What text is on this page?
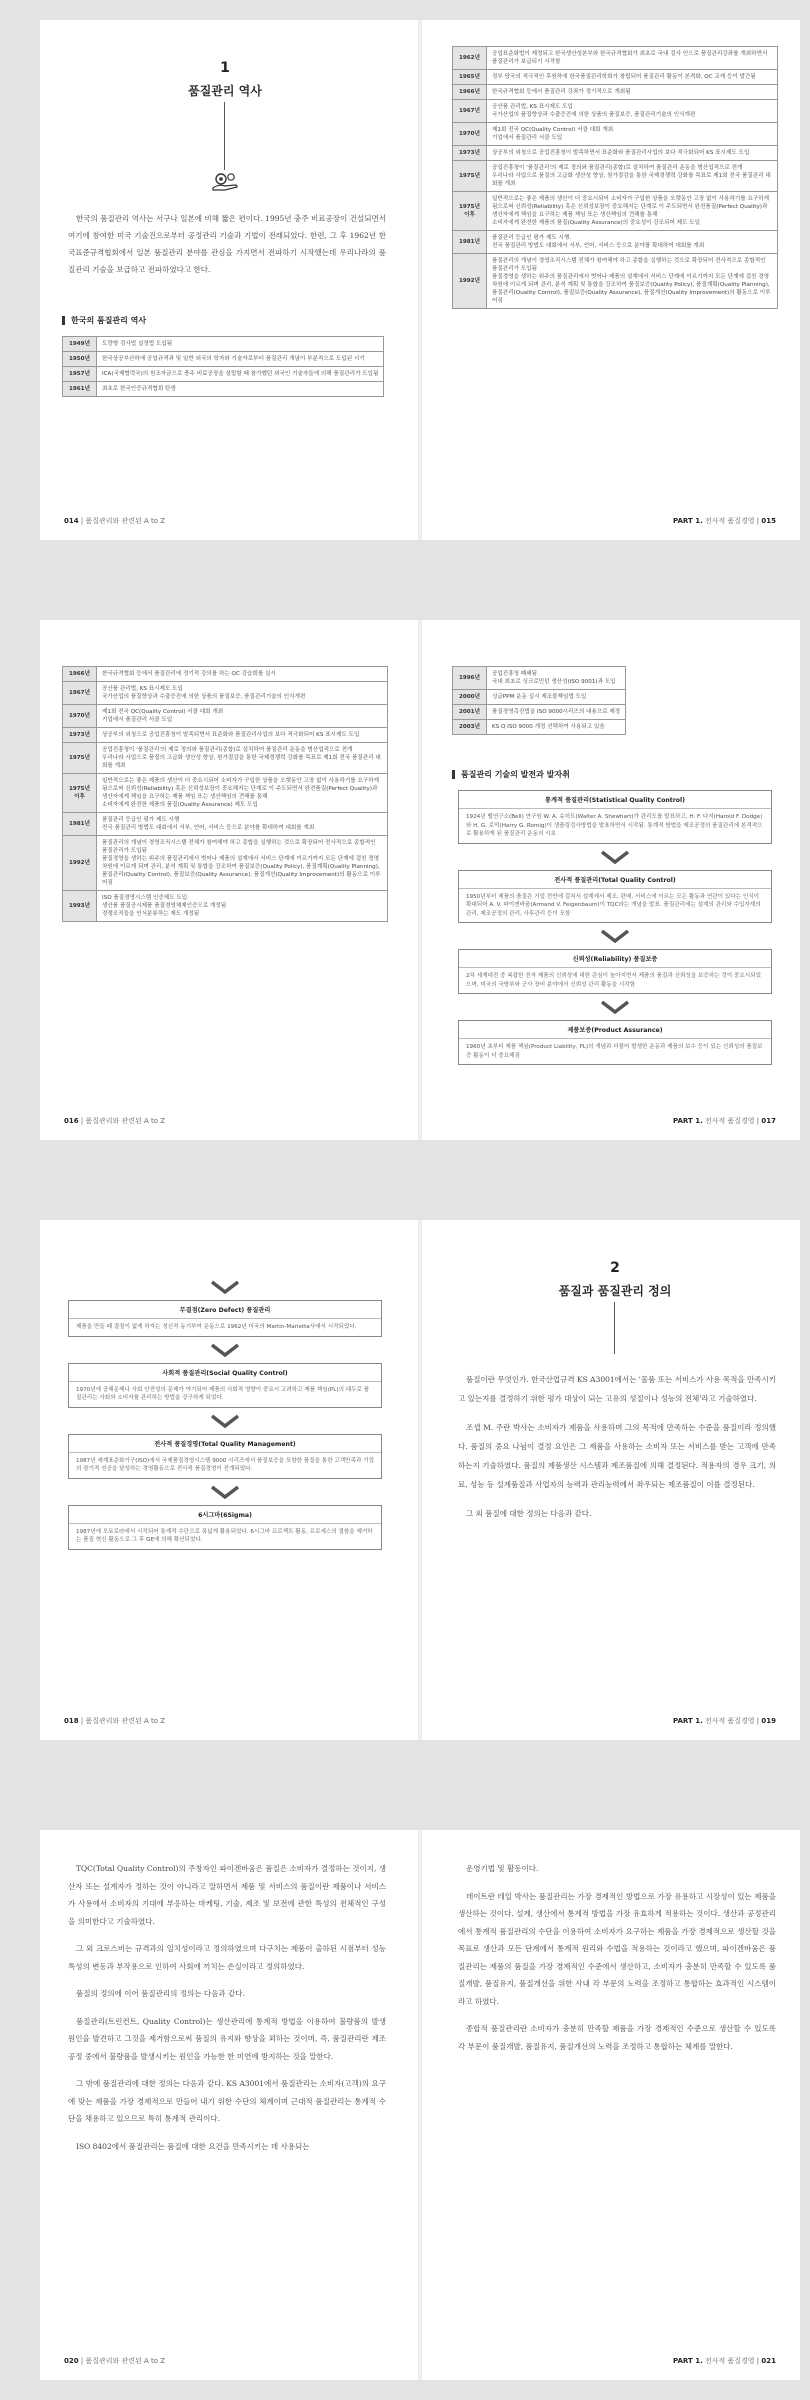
1
품질관리 역사

한국의 품질관리 역사는 서구나 일본에 비해 짧은 편이다. 1995년 충주 비료공장이 건설되면서 여기에 참여한 미국 기술진으로부터 공정관리 기술과 기법이 전래되었다. 한편, 그 후 1962년 한국표준규격협회에서 일본 품질관리 분야를 관심을 가지면서 전파하기 시작했는데 우리나라의 품질관리 기술을 보급하고 전파하였다고 한다.

한국의 품질관리 역사
1949년	도량형 검사법 설정법 도입됨
1950년	한국상공부산하에 공업규격과 및 일반 외국의 학자와 기술자로부터 품질관리 개념이 부분적으로 도입된 시기
1957년	ICA(국제협력국)의 원조자금으로 충주 비료공장을 설립할 때 참가했던 외국인 기술자들에 의해 품질관리가 도입됨
1961년	최초로 한국인증규격협회 탄생
014 | 품질관리와 관련된 A to Z
1962년	공업표준화법이 제정되고 한국생산성본부와 한국규격협회가 최초로 국내 검사 인으로 품질관리강좌를 개최하면서 품질관리가 보급되기 시작함
1965년	정부 당국의 적극적인 후원하에 한국품질관리학회가 창립되어 품질관리 활동이 본격화, QC 교재 등이 발간됨
1966년	한국규격협회 등에서 품질관리 강좌가 정기적으로 개최됨
1967년	공산품 관리법, KS 표시제도 도입
국가산업의 품질향상과 수출증진에 의한 상품의 품질보증, 품질관리기술의 인식개편
1970년	제1회 전국 QC(Quality Control) 서클 대회 개최
기업에서 품질관리 서클 도입
1973년	상공부의 외청으로 공업진흥청이 발족하면서 표준화와 품질관리사업의 보다 적극화되어 KS 표시제도 도입
1975년	공업진흥청이 '품질관리'의 제로 정의와 품질관리(종합)로 설치하여 품질관리 운동을 범산업적으로 전개
우리나라 사업으로 품질의 고급화 생산성 향상, 원가절감을 통한 국제경쟁력 강화를 목표로 제1회 전국 품질관리 대회를 개최
1975년 이후	일반적으로는 좋은 제품의 생산이 더 중요시되어 소비자가 구입한 상품을 오랫동안 고장 없이 사용하기를 요구하게 됨으로써 신뢰성(Reliability) 혹은 신뢰성보장이 중요해지는 단계로 이 주도되면서 완전품질(Perfect Quality)과 생산자에게 책임을 요구하는 제품 책임 또는 생산책임의 견해를 통해
소비자에게 완전한 제품의 품질(Quality Assurance)의 중요성이 강조되어 제도 도입
1981년	품질관리 등급인 평가 제도 시행.
전국 품질관리 방법도 대회에서 서부, 언어, 서비스 등으로 분야를 확대하여 대회를 개최
1992년	품질관리의 개념이 경영조직시스템 전체가 참여해야 하고 종합을 실행하는 것으로 확장되어 전사적으로 종합적인 품질관리가 도입됨
품질경영을 생하는 위주의 품질관리에서 벗어나 제품의 설계에서 서비스 단계에 이르기까지 모든 단계에 걸친 경영 차원에 이르게 되며 관리, 분석 계획 및 통합을 강조하여 품질보증(Quality Policy), 품질계획(Quality Planning), 품질관리(Quality Control), 품질보증(Quality Assurance), 품질개선(Quality Improvement)의 활동으로 이루어짐
PART 1. 전사적 품질경영 | 015
1966년	한국규격협회 등에서 품질관리에 정기적 강의를 하는 QC 강습회를 실시
1967년	공산품 관리법, KS 표시제도 도입
국가산업의 품질향상과 수출증진에 의한 상품의 품질보증, 품질관리기술의 인식개편
1970년	제1회 전국 QC(Quality Control) 서클 대회 개최
기업에서 품질관리 서클 도입
1973년	상공부의 외청으로 공업진흥청이 발족되면서 표준화와 품질관리사업의 보다 적극화되어 KS 표시제도 도입
1975년	공업진흥청이 '품질관리'의 제로 정의와 품질관리(종합)로 설치하여 품질관리 운동을 범산업적으로 전개
우리나라 사업으로 품질의 고급화 생산성 향상, 원가절감을 통한 국제경쟁력 강화를 목표로 제1회 전국 품질관리 대회를 개최
1975년 이후	일반적으로는 좋은 제품의 생산이 더 중요시되어 소비자가 구입한 상품을 오랫동안 고장 없이 사용하기를 요구하게 됨으로써 신뢰성(Reliability) 혹은 신뢰성보장이 중요해지는 단계로 이 주도되면서 완전품질(Perfect Quality)과 생산자에게 책임을 요구하는 제품 책임 또는 생산책임의 견해를 통해
소비자에게 완전한 제품의 품질(Quality Assurance) 제도 도입
1981년	품질관리 등급인 평가 제도 시행
전국 품질관리 방법도 대회에서 서부, 언어, 서비스 등으로 분야를 확대하여 대회를 개최
1992년	품질관리의 개념이 경영조직시스템 전체가 참여해야 하고 종합을 실행하는 것으로 확장되어 전사적으로 종합적인 품질관리가 도입됨
품질경영을 생하는 위주의 품질관리에서 벗어나 제품의 설계에서 서비스 단계에 이르기까지 모든 단계에 걸친 경영 차원에 이르게 되며 관리, 분석 계획 및 통합을 강조하여 품질보증(Quality Policy), 품질계획(Quality Planning), 품질관리(Quality Control), 품질보증(Quality Assurance), 품질개선(Quality Improvement)의 활동으로 이루어짐
1993년	ISO 품질경영시스템 인증제도 도입
생산품 품질공시제품 품질경영체제인증으로 개정됨
경쟁조직들을 인식분류하는 제도 개정됨
016 | 품질관리와 관련된 A to Z
1996년	공업진흥청 폐쇄됨
국내 최초로 싱크로민턴 생산성(ISO 9001)과 도입
2000년	싱글PPM 운동 실시 제조물책임법 도입
2001년	품질경영촉진법을 ISO 9000시리즈의 내용으로 제정
2003년	KS Q ISO 9000 개정 선택하여 사용되고 있음
품질관리 기술의 발전과 발자취
통계적 품질관리(Statistical Quality Control)
1924년 벨연구소(Bell) 연구원 W. A. 슈허트(Walter A. Shewhart)가 관리도를 발표하고, H. F. 다지(Harold F. Dodge)와 H. G. 로믹(Harry G. Romig)이 샘플링검사방법을 발표하면서 시작됨. 통계적 방법을 제조공정의 품질관리에 본격적으로 활용하게 된 품질관리 운동의 시초
전사적 품질관리(Total Quality Control)
1950년부터 제품의 품질은 기업 전반에 걸쳐서 설계에서 제조, 판매, 서비스에 이르는 모든 활동과 연관이 있다는 인식이 확대되어 A. V. 파이겐바움(Armand V. Feigenbaum)이 TQC라는 개념을 발표. 품질관리에는 설계의 관리와 수입자재의 관리, 제조공정의 관리, 사후관리 등이 포함
신뢰성(Reliability) 품질보증
2차 세계대전 중 복잡한 전자 제품의 신뢰성에 대한 관심이 높아지면서 제품의 품질과 신뢰성을 보증하는 것이 중요시되었으며, 미국의 국방부와 군사 장비 분야에서 신뢰성 관리 활동을 시작함
제품보증(Product Assurance)
1960년 초부터 제품 책임(Product Liability, PL)의 개념과 더불어 발생한 운동과 제품의 보수 등이 있는 신뢰성의 품질보증 활동이 더 중요해짐
PART 1. 전사적 품질경영 | 017
무결점(Zero Defect) 품질관리
제품을 만들 때 결점이 없게 하자는 정신적 동기부여 운동으로 1962년 미국의 Martin-Marietta사에서 시작되었다.
사회적 품질관리(Social Quality Control)
1970년에 공해문제나 사회 안전성의 문제가 야기되어 제품의 사회적 영향이 중요시 고려하고 제품 책임(PL)의 대두로 품질관리는 사회와 소비자를 관리하는 방법을 강구하게 되었다.
전사적 품질경영(Total Quality Management)
1987년 세계표준화기구(ISO)에서 국제품질경영시스템 9000 시리즈에서 품질보증을 포함한 품질을 통한 고객만족과 기업의 장기적 성공을 달성하는 경영활동으로 전사적 품질경영이 전개되었다.
6시그마(6Sigma)
1987년에 모토로라에서 시작되어 통계적 수단으로 폭넓게 활용되었다. 6시그마 프로젝트 활동, 프로세스의 결함을 제거하는 품질 혁신 활동으로 그 후 GE에 의해 확산되었다.
018 | 품질관리와 관련된 A to Z
2
품질과 품질관리 정의

품질이란 무엇인가. 한국산업규격 KS A3001에서는 '물품 또는 서비스가 사용 목적을 만족시키고 있는지를 결정하기 위한 평가 대상이 되는 고유의 성질이나 성능의 전체'라고 기술하였다.

조셉 M. 주란 박사는 소비자가 제품을 사용하며 그의 목적에 만족하는 수준을 품질이라 정의했다. 품질의 중요 나뉨이 결정 요인은 그 제품을 사용하는 소비자 또는 서비스를 받는 고객에 만족하는지 기술하였다. 품질의 제품생산 시스템과 제조품질에 의해 결정된다. 적용자의 경우 크기, 의료, 성능 등 설계품질과 사업자의 능력과 관리능력에서 좌우되는 제조품질이 이를 결정된다.

그 외 품질에 대한 정의는 다음과 같다.

PART 1. 전사적 품질경영 | 019

TQC(Total Quality Control)의 주창자인 파이겐바움은 품질은 소비자가 결정하는 것이지, 생산자 또는 설계자가 정하는 것이 아니라고 말하면서 제품 및 서비스의 품질이란 제품이나 서비스가 사용에서 소비자의 기대에 부응하는 마케팅, 기술, 제조 및 보전에 관한 특성의 전체적인 구성을 의미한다고 기술하였다.

그 외 크로스비는 규격과의 일치성이라고 정의하였으며 다구치는 제품이 출하된 시점부터 성능 특성의 변동과 부작용으로 인하여 사회에 끼치는 손실이라고 정의하였다.

품질의 정의에 이어 품질관리의 정의는 다음과 같다.

품질관리(트린컨트, Quality Control)는 생산관리에 통계적 방법을 이용하여 불량품의 발생 원인을 발견하고 그것을 제거함으로써 품질의 유지와 향상을 꾀하는 것이며, 즉, 품질관리란 제조공정 중에서 불량품을 발생시키는 원인을 가능한 한 미연에 방지하는 것을 말한다.

그 밖에 품질관리에 대한 정의는 다음과 같다. KS A3001에서 품질관리는 소비자(고객)의 요구에 맞는 제품을 가장 경제적으로 만들어 내기 위한 수단의 체계이며 근대적 품질관리는 통계적 수단을 채용하고 있으므로 특히 통계적 관리이다.

ISO 8402에서 품질관리는 품질에 대한 요건을 만족시키는 데 사용되는

020 | 품질관리와 관련된 A to Z

운영기법 및 활동이다.

데이트란 테일 박사는 품질관리는 가장 경제적인 방법으로 가장 유용하고 시장성이 있는 제품을 생산하는 것이다. 설계, 생산에서 통계적 방법을 가장 유효하게 적용하는 것이다. 생산과 공정관리에서 통계적 품질관리의 수단을 이용하여 소비자가 요구하는 제품을 가장 경제적으로 생산할 것을 목표로 생산과 모든 단계에서 통계적 원리와 수법을 적용하는 것이라고 했으며, 파이겐바움은 품질관리는 제품의 품질을 가장 경제적인 수준에서 생산하고, 소비자가 충분히 만족할 수 있도록 품질개발, 품질유지, 품질개선을 위한 사내 각 부문의 노력을 조정하고 통합하는 효과적인 시스템이라고 하였다.

종합적 품질관리란 소비자가 충분히 만족할 제품을 가장 경제적인 수준으로 생산할 수 있도록 각 부문이 품질개발, 품질유지, 품질개선의 노력을 조정하고 통합하는 체계를 말한다.

PART 1. 전사적 품질경영 | 021
